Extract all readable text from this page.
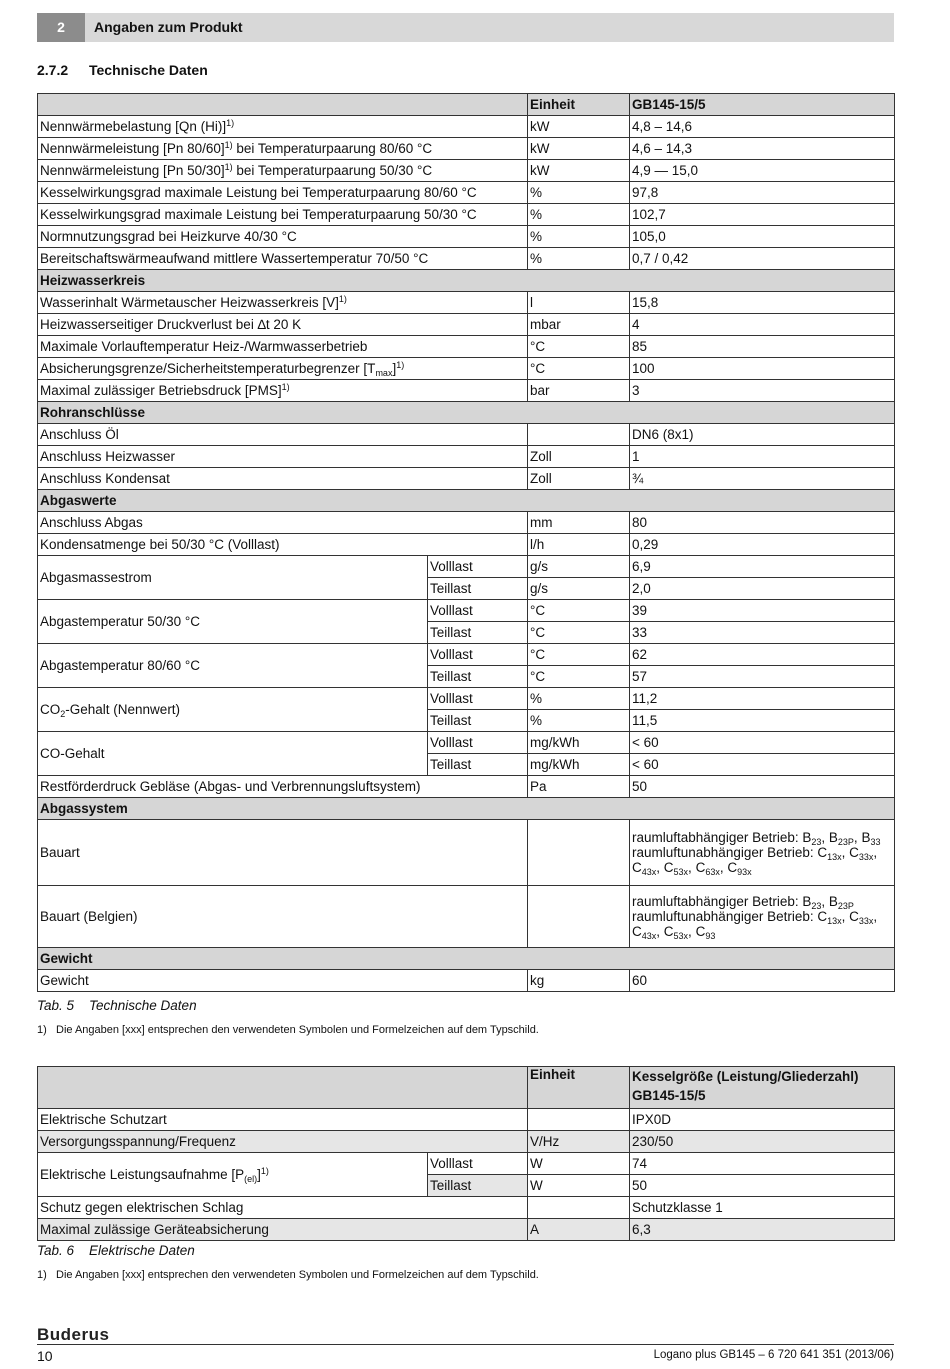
2	Angaben zum Produkt
2.7.2 Technische Daten
		Einheit	GB145-15/5
Nennwärmebelastung [Qn (Hi)]$^{1)}$		kW	4,8 – 14,6
Nennwärmeleistung [Pn 80/60]$^{1)}$ bei Temperaturpaarung 80/60 °C		kW	4,6 – 14,3
Nennwärmeleistung [Pn 50/30]$^{1)}$ bei Temperaturpaarung 50/30 °C		kW	4,9 — 15,0
Kesselwirkungsgrad maximale Leistung bei Temperaturpaarung 80/60 °C		%	97,8
Kesselwirkungsgrad maximale Leistung bei Temperaturpaarung 50/30 °C		%	102,7
Normnutzungsgrad bei Heizkurve 40/30 °C		%	105,0
Bereitschaftswärmeaufwand mittlere Wassertemperatur 70/50 °C		%	0,7 / 0,42
Heizwasserkreis			
Wasserinhalt Wärmetauscher Heizwasserkreis $[V]^{1)}$		l	15,8
Heizwasserseitiger Druckverlust bei ∆t 20 K		mbar	4
Maximale Vorlauftemperatur Heiz-/Warmwasserbetrieb		°C	85
Absicherungsgrenze/Sicherheitstemperaturbegrenzer $[T_{max}]^{1)}$		°C	100
Maximal zulässiger Betriebsdruck [PMS]$^{1)}$		bar	3
Rohranschlüsse			
Anschluss Öl			DN6 (8x1)
Anschluss Heizwasser		Zoll	1
Anschluss Kondensat		Zoll	¾
Abgaswerte			
Anschluss Abgas		mm	80
Kondensatmenge bei 50/30 °C (Volllast)		l/h	0,29
Abgasmassestrom	Volllast	g/s	6,9
	Teillast	g/s	2,0
Abgastemperatur 50/30 °C	Volllast	°C	39
	Teillast	°C	33
Abgastemperatur 80/60 °C	Volllast	°C	62
	Teillast	°C	57
$CO_2$-Gehalt (Nennwert)	Volllast	%	11,2
	Teillast	%	11,5
CO-Gehalt	Volllast	mg/kWh	< 60
	Teillast	mg/kWh	< 60
Restförderdruck Gebläse (Abgas- und Verbrennungsluftsystem)		Pa	50
Abgassystem			
Bauart			raumluftabhängiger Betrieb: $B_{23}$, $B_{23P}$, $B_{33}$
raumluftunabhängiger Betrieb: $C_{13x}$, $C_{33x}$,
$C_{43x}$, $C_{53x}$, $C_{63x}$, $C_{93x}$

Bauart (Belgien)			raumluftabhängiger Betrieb: $B_{23}$, $B_{23P}$
raumluftunabhängiger Betrieb: $C_{13x}$, $C_{33x}$,
$C_{43x}$, $C_{53x}$, $C_{93}$

Gewicht			
Gewicht		kg	60
Tab. 5 Technische Daten
1) Die Angaben [xxx] entsprechen den verwendeten Symbolen und Formelzeichen auf dem Typschild.
		Einheit	Kesselgröße (Leistung/Gliederzahl)
GB145-15/5

Elektrische Schutzart			IPX0D
Versorgungsspannung/Frequenz		V/Hz	230/50
Elektrische Leistungsaufnahme $[P_{(el)}]^{1)}$	Volllast	W	74
	Teillast	W	50
Schutz gegen elektrischen Schlag			Schutzklasse 1
Maximal zulässige Geräteabsicherung		A	6,3
Tab. 6 Elektrische Daten
1) Die Angaben [xxx] entsprechen den verwendeten Symbolen und Formelzeichen auf dem Typschild.
Buderus
10	Logano plus GB145 – 6 720 641 351 (2013/06)
